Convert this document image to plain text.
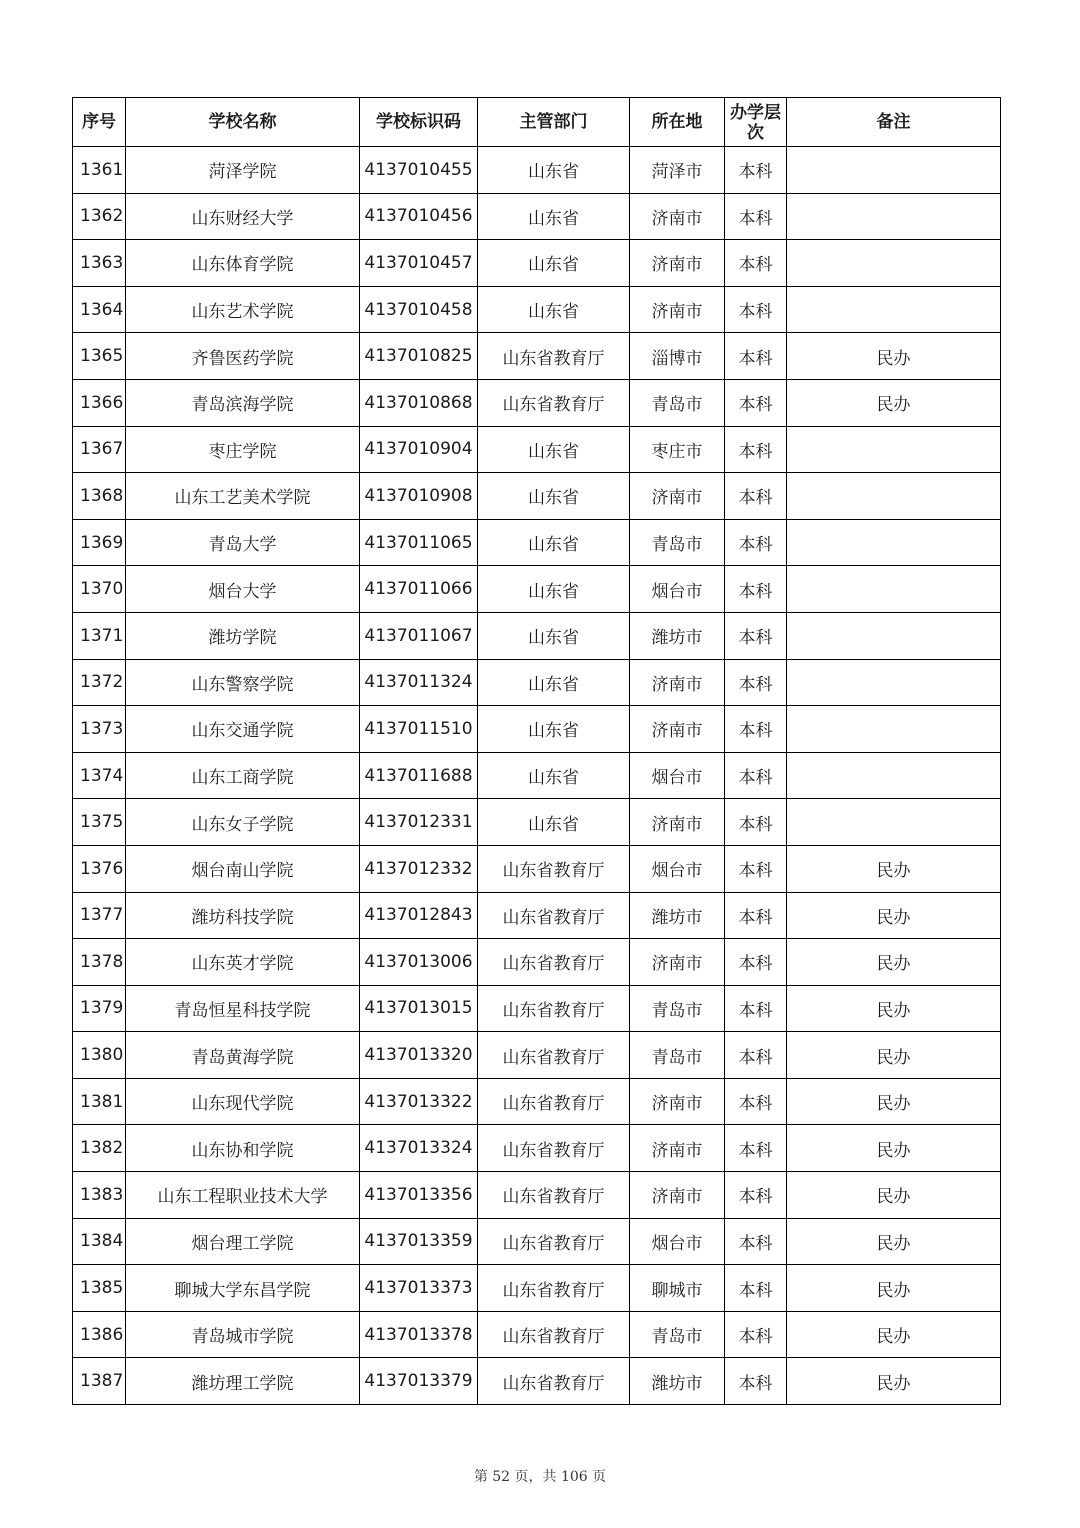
序号	学校名称	学校标识码	主管部门	所在地	办学层次	备注
1361	菏泽学院	4137010455	山东省	菏泽市	本科	
1362	山东财经大学	4137010456	山东省	济南市	本科	
1363	山东体育学院	4137010457	山东省	济南市	本科	
1364	山东艺术学院	4137010458	山东省	济南市	本科	
1365	齐鲁医药学院	4137010825	山东省教育厅	淄博市	本科	民办
1366	青岛滨海学院	4137010868	山东省教育厅	青岛市	本科	民办
1367	枣庄学院	4137010904	山东省	枣庄市	本科	
1368	山东工艺美术学院	4137010908	山东省	济南市	本科	
1369	青岛大学	4137011065	山东省	青岛市	本科	
1370	烟台大学	4137011066	山东省	烟台市	本科	
1371	潍坊学院	4137011067	山东省	潍坊市	本科	
1372	山东警察学院	4137011324	山东省	济南市	本科	
1373	山东交通学院	4137011510	山东省	济南市	本科	
1374	山东工商学院	4137011688	山东省	烟台市	本科	
1375	山东女子学院	4137012331	山东省	济南市	本科	
1376	烟台南山学院	4137012332	山东省教育厅	烟台市	本科	民办
1377	潍坊科技学院	4137012843	山东省教育厅	潍坊市	本科	民办
1378	山东英才学院	4137013006	山东省教育厅	济南市	本科	民办
1379	青岛恒星科技学院	4137013015	山东省教育厅	青岛市	本科	民办
1380	青岛黄海学院	4137013320	山东省教育厅	青岛市	本科	民办
1381	山东现代学院	4137013322	山东省教育厅	济南市	本科	民办
1382	山东协和学院	4137013324	山东省教育厅	济南市	本科	民办
1383	山东工程职业技术大学	4137013356	山东省教育厅	济南市	本科	民办
1384	烟台理工学院	4137013359	山东省教育厅	烟台市	本科	民办
1385	聊城大学东昌学院	4137013373	山东省教育厅	聊城市	本科	民办
1386	青岛城市学院	4137013378	山东省教育厅	青岛市	本科	民办
1387	潍坊理工学院	4137013379	山东省教育厅	潍坊市	本科	民办
第 52 页，共 106 页
